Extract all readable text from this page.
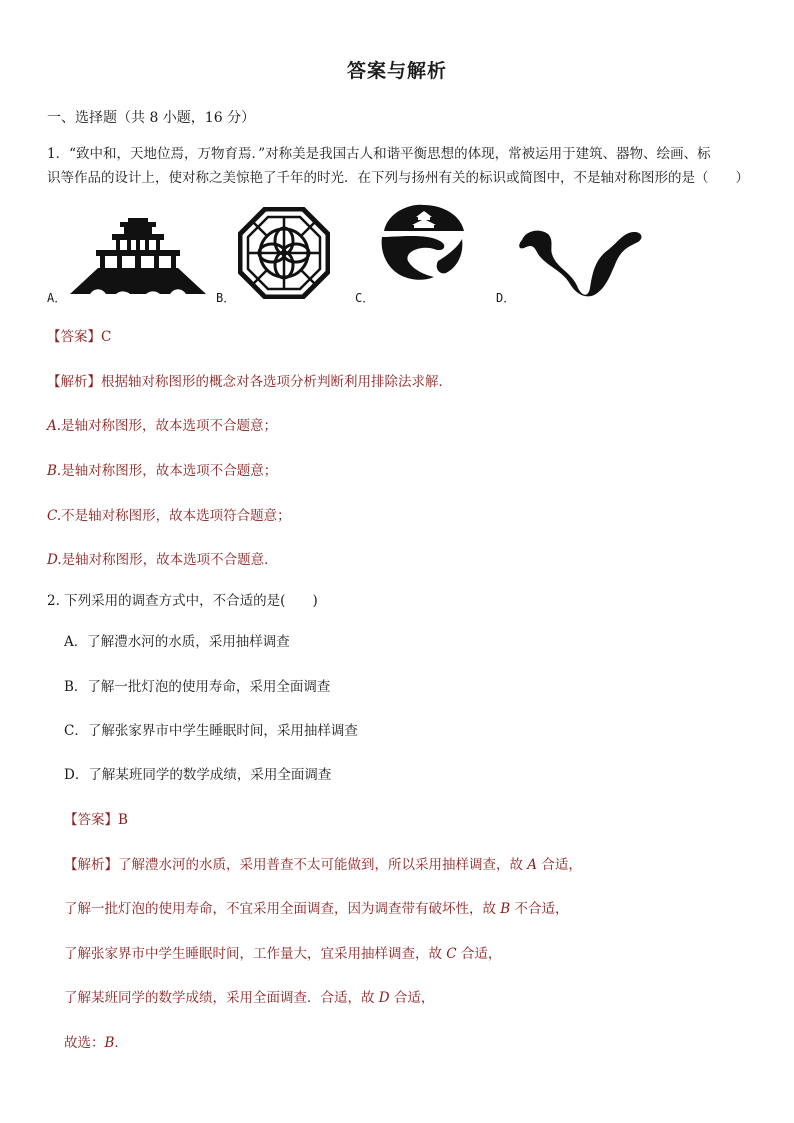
答案与解析
一、选择题（共 8 小题，16 分）
1．“致中和，天地位焉，万物育焉．”对称美是我国古人和谐平衡思想的体现，常被运用于建筑、器物、绘画、标
识等作品的设计上，使对称之美惊艳了千年的时光．在下列与扬州有关的标识或简图中，不是轴对称图形的是（　　）
A．	B．	C．	D．
【答案】C
【解析】根据轴对称图形的概念对各选项分析判断利用排除法求解．
A.是轴对称图形，故本选项不合题意；
B.是轴对称图形，故本选项不合题意；
C.不是轴对称图形，故本选项符合题意；
D.是轴对称图形，故本选项不合题意．
2. 下列采用的调查方式中，不合适的是(　　)
A．了解澧水河的水质，采用抽样调查
B．了解一批灯泡的使用寿命，采用全面调查
C．了解张家界市中学生睡眠时间，采用抽样调查
D．了解某班同学的数学成绩，采用全面调查
【答案】B
【解析】了解澧水河的水质，采用普查不太可能做到，所以采用抽样调查，故 A 合适，
了解一批灯泡的使用寿命，不宜采用全面调查，因为调查带有破坏性，故 B 不合适，
了解张家界市中学生睡眠时间，工作量大，宜采用抽样调查，故 C 合适，
了解某班同学的数学成绩，采用全面调查．合适，故 D 合适，
故选：B．
